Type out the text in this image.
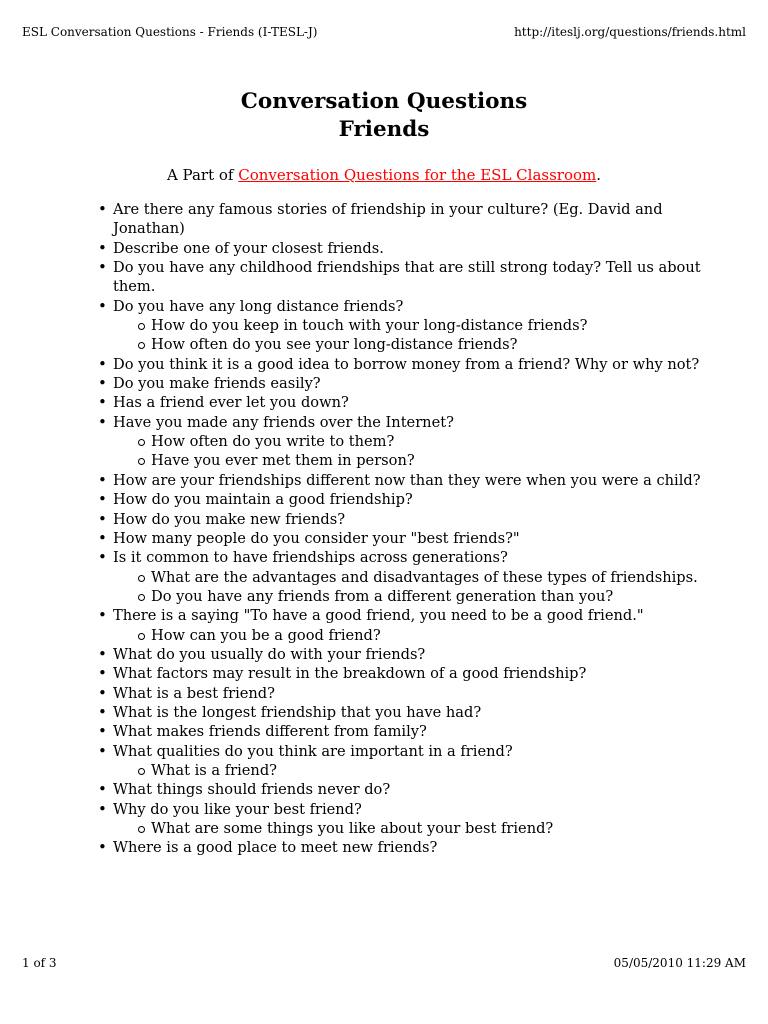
ESL Conversation Questions - Friends (I-TESL-J)	http://iteslj.org/questions/friends.html
Conversation Questions
Friends
A Part of Conversation Questions for the ESL Classroom.
• Are there any famous stories of friendship in your culture? (Eg. David and Jonathan)
• Describe one of your closest friends.
• Do you have any childhood friendships that are still strong today? Tell us about them.
• Do you have any long distance friends?
How do you keep in touch with your long-distance friends?
How often do you see your long-distance friends?
• Do you think it is a good idea to borrow money from a friend? Why or why not?
• Do you make friends easily?
• Has a friend ever let you down?
• Have you made any friends over the Internet?
How often do you write to them?
Have you ever met them in person?
• How are your friendships different now than they were when you were a child?
• How do you maintain a good friendship?
• How do you make new friends?
• How many people do you consider your "best friends?"
• Is it common to have friendships across generations?
What are the advantages and disadvantages of these types of friendships.
Do you have any friends from a different generation than you?
• There is a saying "To have a good friend, you need to be a good friend."
How can you be a good friend?
• What do you usually do with your friends?
• What factors may result in the breakdown of a good friendship?
• What is a best friend?
• What is the longest friendship that you have had?
• What makes friends different from family?
• What qualities do you think are important in a friend?
What is a friend?
• What things should friends never do?
• Why do you like your best friend?
What are some things you like about your best friend?
• Where is a good place to meet new friends?
1 of 3	05/05/2010 11:29 AM
